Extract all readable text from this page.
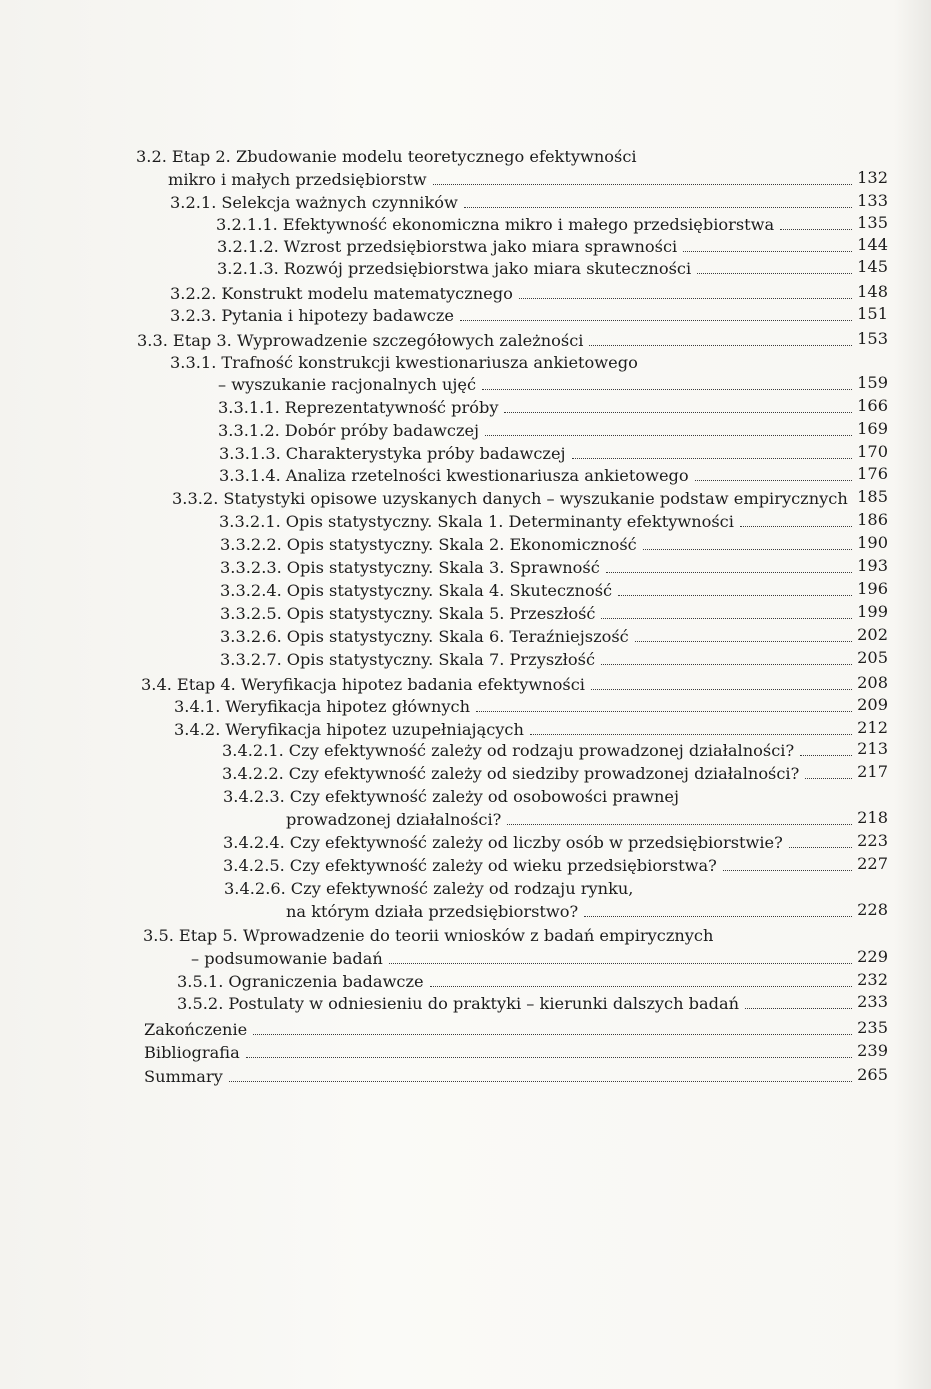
3.2. Etap 2. Zbudowanie modelu teoretycznego efektywności
mikro i małych przedsiębiorstw	132
3.2.1. Selekcja ważnych czynników	133
3.2.1.1. Efektywność ekonomiczna mikro i małego przedsiębiorstwa	135
3.2.1.2. Wzrost przedsiębiorstwa jako miara sprawności	144
3.2.1.3. Rozwój przedsiębiorstwa jako miara skuteczności	145
3.2.2. Konstrukt modelu matematycznego	148
3.2.3. Pytania i hipotezy badawcze	151
3.3. Etap 3. Wyprowadzenie szczegółowych zależności	153
3.3.1. Trafność konstrukcji kwestionariusza ankietowego
– wyszukanie racjonalnych ujęć	159
3.3.1.1. Reprezentatywność próby	166
3.3.1.2. Dobór próby badawczej	169
3.3.1.3. Charakterystyka próby badawczej	170
3.3.1.4. Analiza rzetelności kwestionariusza ankietowego	176
3.3.2. Statystyki opisowe uzyskanych danych – wyszukanie podstaw empirycznych 185
3.3.2.1. Opis statystyczny. Skala 1. Determinanty efektywności	186
3.3.2.2. Opis statystyczny. Skala 2. Ekonomiczność	190
3.3.2.3. Opis statystyczny. Skala 3. Sprawność	193
3.3.2.4. Opis statystyczny. Skala 4. Skuteczność	196
3.3.2.5. Opis statystyczny. Skala 5. Przeszłość	199
3.3.2.6. Opis statystyczny. Skala 6. Teraźniejszość	202
3.3.2.7. Opis statystyczny. Skala 7. Przyszłość	205
3.4. Etap 4. Weryfikacja hipotez badania efektywności	208
3.4.1. Weryfikacja hipotez głównych	209
3.4.2. Weryfikacja hipotez uzupełniających	212
3.4.2.1. Czy efektywność zależy od rodzaju prowadzonej działalności?	213
3.4.2.2. Czy efektywność zależy od siedziby prowadzonej działalności?	217
3.4.2.3. Czy efektywność zależy od osobowości prawnej
prowadzonej działalności?	218
3.4.2.4. Czy efektywność zależy od liczby osób w przedsiębiorstwie?	223
3.4.2.5. Czy efektywność zależy od wieku przedsiębiorstwa?	227
3.4.2.6. Czy efektywność zależy od rodzaju rynku,
na którym działa przedsiębiorstwo?	228
3.5. Etap 5. Wprowadzenie do teorii wniosków z badań empirycznych
– podsumowanie badań	229
3.5.1. Ograniczenia badawcze	232
3.5.2. Postulaty w odniesieniu do praktyki – kierunki dalszych badań	233
Zakończenie	235
Bibliografia	239
Summary	265
